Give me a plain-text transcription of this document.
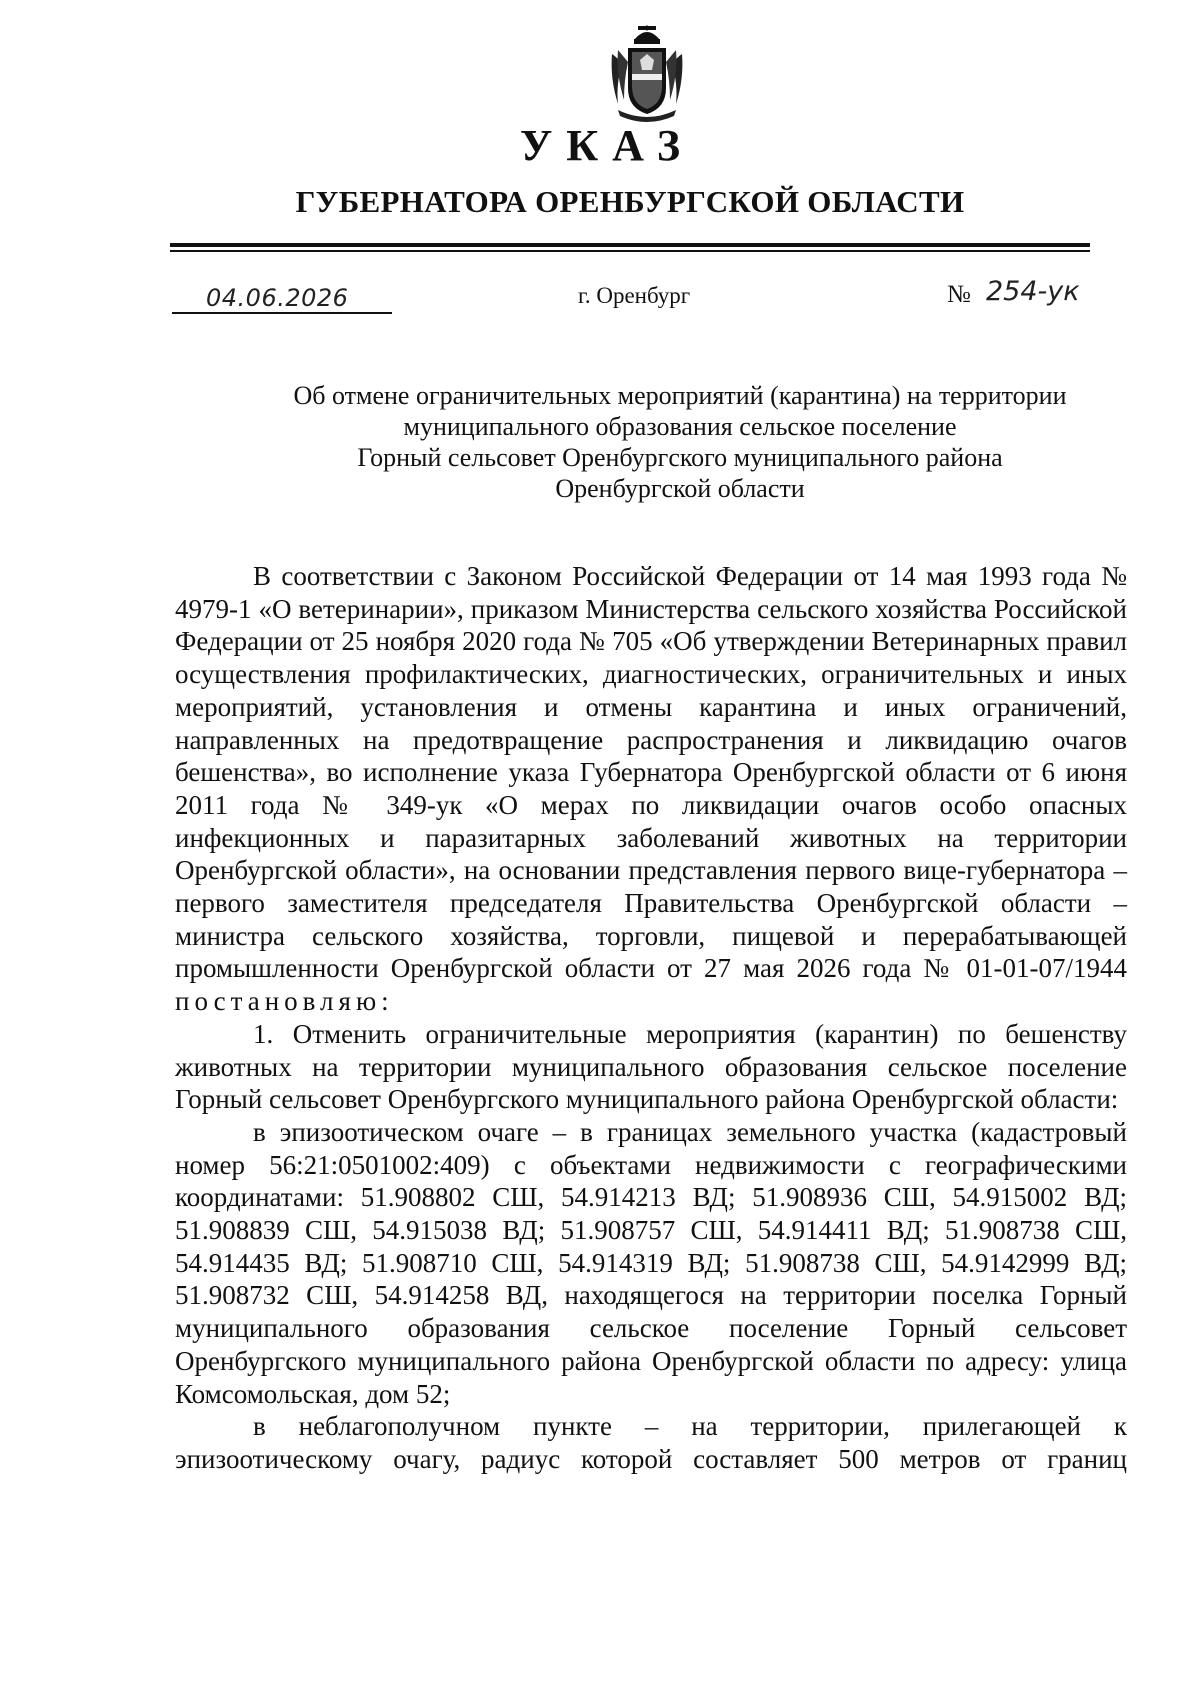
УКАЗ
ГУБЕРНАТОРА ОРЕНБУРГСКОЙ ОБЛАСТИ
04.06.2026	г. Оренбург	№ 254-ук
Об отмене ограничительных мероприятий (карантина) на территории
муниципального образования сельское поселение
Горный сельсовет Оренбургского муниципального района
Оренбургской области

В соответствии с Законом Российской Федерации от 14 мая 1993 года № 4979-1 «О ветеринарии», приказом Министерства сельского хозяйства Российской Федерации от 25 ноября 2020 года № 705 «Об утверждении Ветеринарных правил осуществления профилактических, диагностических, ограничительных и иных мероприятий, установления и отмены карантина и иных ограничений, направленных на предотвращение распространения и ликвидацию очагов бешенства», во исполнение указа Губернатора Оренбургской области от 6 июня 2011 года № 349-ук «О мерах по ликвидации очагов особо опасных инфекционных и паразитарных заболеваний животных на территории Оренбургской области», на основании представления первого вице-губернатора – первого заместителя председателя Правительства Оренбургской области – министра сельского хозяйства, торговли, пищевой и перерабатывающей промышленности Оренбургской области от 27 мая 2026 года № 01-01-07/1944 постановляю:

1. Отменить ограничительные мероприятия (карантин) по бешенству животных на территории муниципального образования сельское поселение Горный сельсовет Оренбургского муниципального района Оренбургской области:

в эпизоотическом очаге – в границах земельного участка (кадастровый номер 56:21:0501002:409) с объектами недвижимости с географическими координатами: 51.908802 СШ, 54.914213 ВД; 51.908936 СШ, 54.915002 ВД; 51.908839 СШ, 54.915038 ВД; 51.908757 СШ, 54.914411 ВД; 51.908738 СШ, 54.914435 ВД; 51.908710 СШ, 54.914319 ВД; 51.908738 СШ, 54.9142999 ВД; 51.908732 СШ, 54.914258 ВД, находящегося на территории поселка Горный муниципального образования сельское поселение Горный сельсовет Оренбургского муниципального района Оренбургской области по адресу: улица Комсомольская, дом 52;

в неблагополучном пункте – на территории, прилегающей к эпизоотическому очагу, радиус которой составляет 500 метров от границ
